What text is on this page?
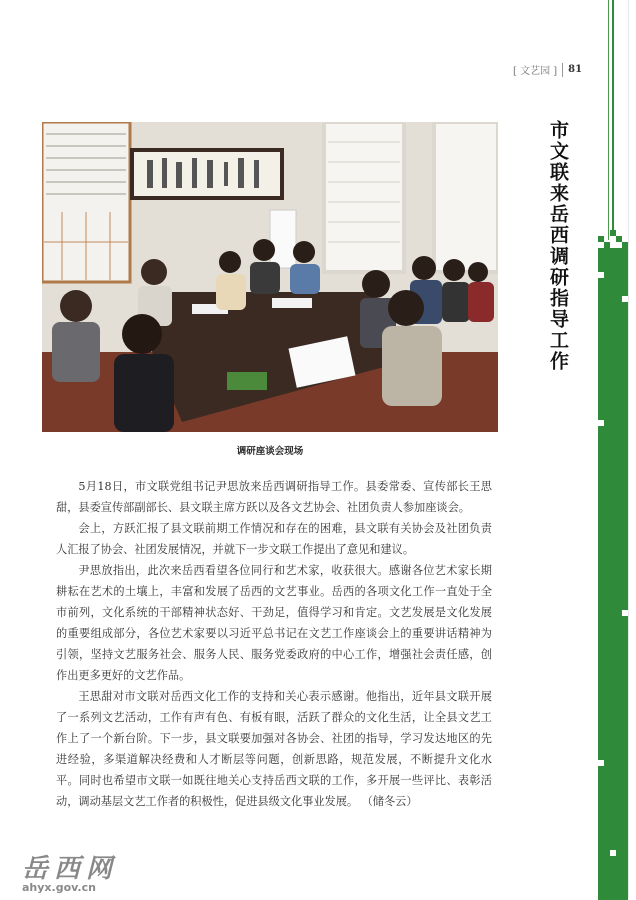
[ 文艺园 ] 81
市文联来岳西调研指导工作
调研座谈会现场

5月18日，市文联党组书记尹思放来岳西调研指导工作。县委常委、宣传部长王思甜，县委宣传部副部长、县文联主席方跃以及各文艺协会、社团负责人参加座谈会。

会上，方跃汇报了县文联前期工作情况和存在的困难，县文联有关协会及社团负责人汇报了协会、社团发展情况，并就下一步文联工作提出了意见和建议。

尹思放指出，此次来岳西看望各位同行和艺术家，收获很大。感谢各位艺术家长期耕耘在艺术的土壤上，丰富和发展了岳西的文艺事业。岳西的各项文化工作一直处于全市前列，文化系统的干部精神状态好、干劲足，值得学习和肯定。文艺发展是文化发展的重要组成部分，各位艺术家要以习近平总书记在文艺工作座谈会上的重要讲话精神为引领，坚持文艺服务社会、服务人民、服务党委政府的中心工作，增强社会责任感，创作出更多更好的文艺作品。

王思甜对市文联对岳西文化工作的支持和关心表示感谢。他指出，近年县文联开展了一系列文艺活动，工作有声有色、有板有眼，活跃了群众的文化生活，让全县文艺工作上了一个新台阶。下一步，县文联要加强对各协会、社团的指导，学习发达地区的先进经验，多渠道解决经费和人才断层等问题，创新思路，规范发展，不断提升文化水平。同时也希望市文联一如既往地关心支持岳西文联的工作，多开展一些评比、表彰活动，调动基层文艺工作者的积极性，促进县级文化事业发展。 （储冬云）

岳西网
ahyx.gov.cn
